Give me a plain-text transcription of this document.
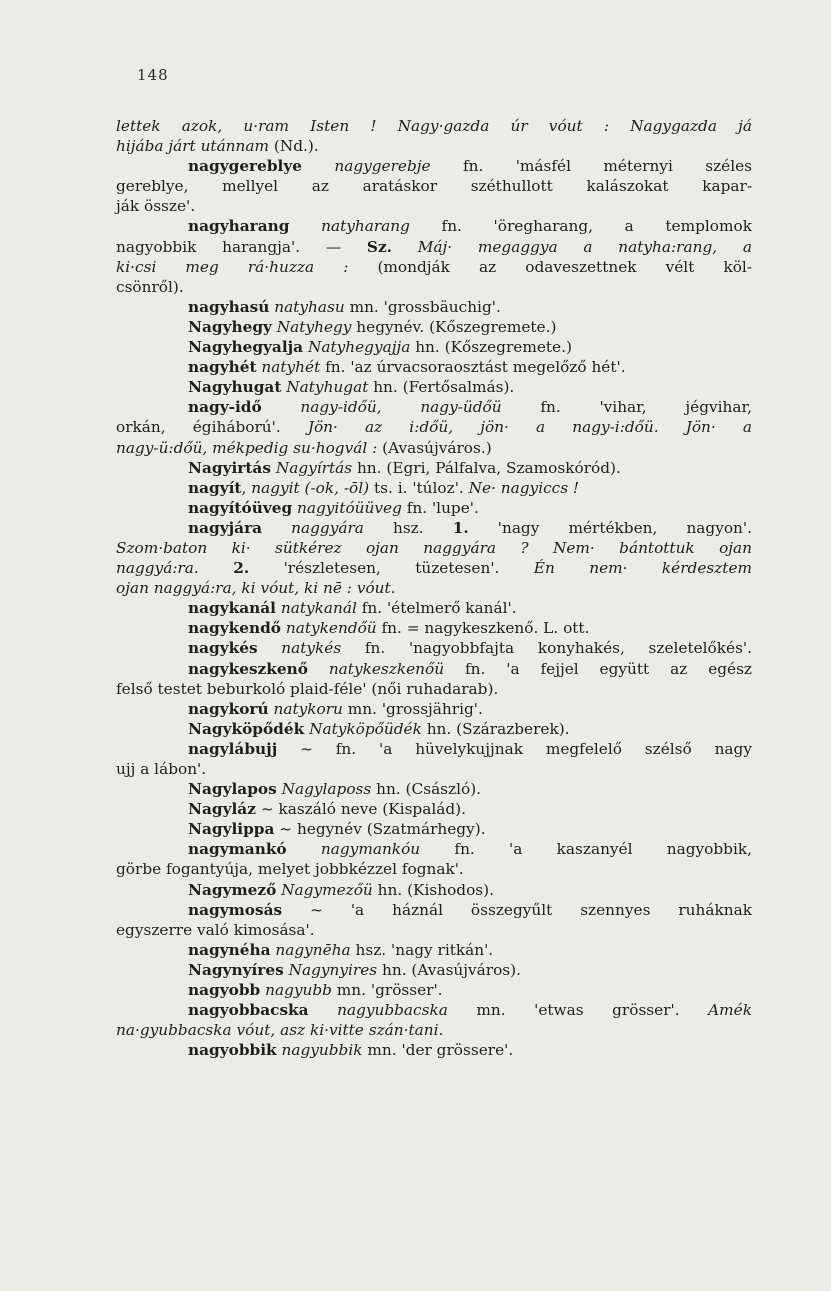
148
lettek azok, u·ram Isten ! Nagy·gazda úr vóut : Nagygazda já
hijába járt utánnam (Nd.).
nagygereblye nagygerebje fn. 'másfél méternyi széles
gereblye, mellyel az aratáskor széthullott kalászokat kapar-
ják össze'.
nagyharang natyharang fn. 'öregharang, a templomok
nagyobbik harangja'. — Sz. Máj· megaggya a natyha:rang, a
ki·csi meg rá·huzza : (mondják az odaveszettnek vélt köl-
csönről).
nagyhasú natyhasu mn. 'grossbäuchig'.
Nagyhegy Natyhegy hegynév. (Kőszegremete.)
Nagyhegyalja Natyhegyajja hn. (Kőszegremete.)
nagyhét natyhét fn. 'az úrvacsoraosztást megelőző hét'.
Nagyhugat Natyhugat hn. (Fertősalmás).
nagy-idő	nagy-időü, nagy-üdőü fn. 'vihar, jégvihar,
orkán, égiháború'. Jön· az i:dőü, jön· a nagy-i:dőü. Jön· a
nagy-ü:dőü, mékpedig su·hogvál : (Avasújváros.)
Nagyirtás Nagyírtás hn. (Egri, Pálfalva, Szamoskóród).
nagyít, nagyit (-ok, -ōl) ts. i. 'túloz'. Ne· nagyiccs !
nagyítóüveg nagyitóüüveg fn. 'lupe'.
nagyjára naggyára hsz. 1. 'nagy mértékben, nagyon'.
Szom·baton ki· sütkérez ojan naggyára ? Nem· bántottuk ojan
naggyá:ra. 2. 'részletesen, tüzetesen'. Én nem· kérdesztem
ojan naggyá:ra, ki vóut, ki nē : vóut.
nagykanál natykanál fn. 'ételmerő kanál'.
nagykendő natykendőü fn. = nagykeszkenő. L. ott.
nagykés natykés fn. 'nagyobbfajta konyhakés, szeletelőkés'.
nagykeszkenő natykeszkenőü fn. 'a fejjel együtt az egész
felső testet beburkoló plaid-féle' (női ruhadarab).
nagykorú natykoru mn. 'grossjährig'.
Nagyköpődék Natyköpőüdék hn. (Szárazberek).
nagylábujj ~ fn. 'a hüvelykujjnak megfelelő szélső nagy
ujj a lábon'.
Nagylapos Nagylaposs hn. (Császló).
Nagyláz ~ kaszáló neve (Kispalád).
Nagylippa ~ hegynév (Szatmárhegy).
nagymankó nagymankóu fn. 'a kaszanyél nagyobbik,
görbe fogantyúja, melyet jobbkézzel fognak'.
Nagymező Nagymezőü hn. (Kishodos).
nagymosás ~ 'a háznál összegyűlt szennyes ruháknak
egyszerre való kimosása'.
nagynéha nagynēha hsz. 'nagy ritkán'.
Nagynyíres Nagynyires hn. (Avasújváros).
nagyobb nagyubb mn. 'grösser'.
nagyobbacska nagyubbacska mn. 'etwas grösser'. Amék
na·gyubbacska vóut, asz ki·vitte szán·tani.
nagyobbik nagyubbik mn. 'der grössere'.
